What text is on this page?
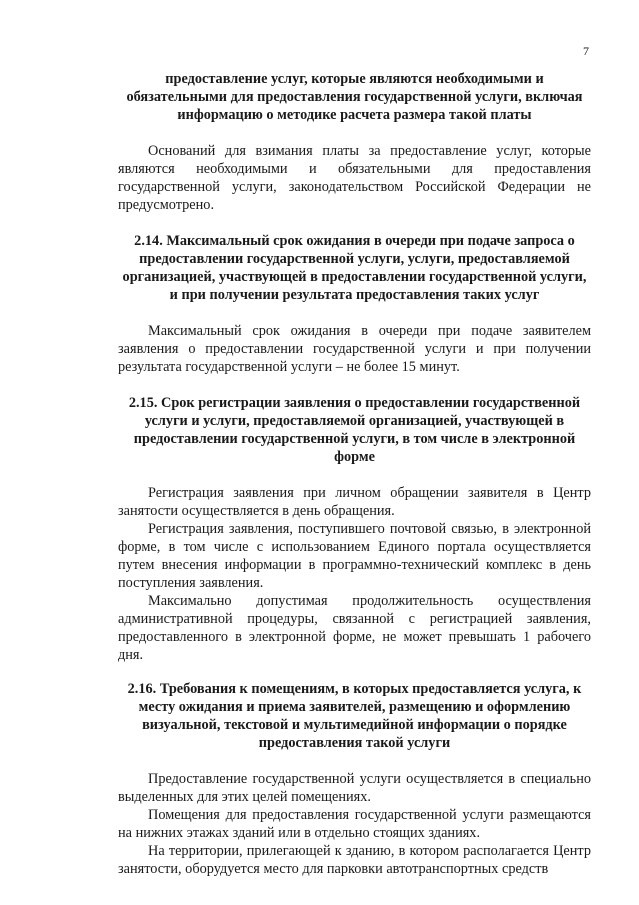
7

предоставление услуг, которые являются необходимыми и обязательными для предоставления государственной услуги, включая информацию о методике расчета размера такой платы

Оснований для взимания платы за предоставление услуг, которые являются необходимыми и обязательными для предоставления государственной услуги, законодательством Российской Федерации не предусмотрено.

2.14. Максимальный срок ожидания в очереди при подаче запроса о предоставлении государственной услуги, услуги, предоставляемой организацией, участвующей в предоставлении государственной услуги, и при получении результата предоставления таких услуг

Максимальный срок ожидания в очереди при подаче заявителем заявления о предоставлении государственной услуги и при получении результата государственной услуги – не более 15 минут.

2.15. Срок регистрации заявления о предоставлении государственной услуги и услуги, предоставляемой организацией, участвующей в предоставлении государственной услуги, в том числе в электронной форме

Регистрация заявления при личном обращении заявителя в Центр занятости осуществляется в день обращения.

Регистрация заявления, поступившего почтовой связью, в электронной форме, в том числе с использованием Единого портала осуществляется путем внесения информации в программно-технический комплекс в день поступления заявления.

Максимально допустимая продолжительность осуществления административной процедуры, связанной с регистрацией заявления, предоставленного в электронной форме, не может превышать 1 рабочего дня.

2.16. Требования к помещениям, в которых предоставляется услуга, к месту ожидания и приема заявителей, размещению и оформлению визуальной, текстовой и мультимедийной информации о порядке предоставления такой услуги

Предоставление государственной услуги осуществляется в специально выделенных для этих целей помещениях.

Помещения для предоставления государственной услуги размещаются на нижних этажах зданий или в отдельно стоящих зданиях.

На территории, прилегающей к зданию, в котором располагается Центр занятости, оборудуется место для парковки автотранспортных средств
